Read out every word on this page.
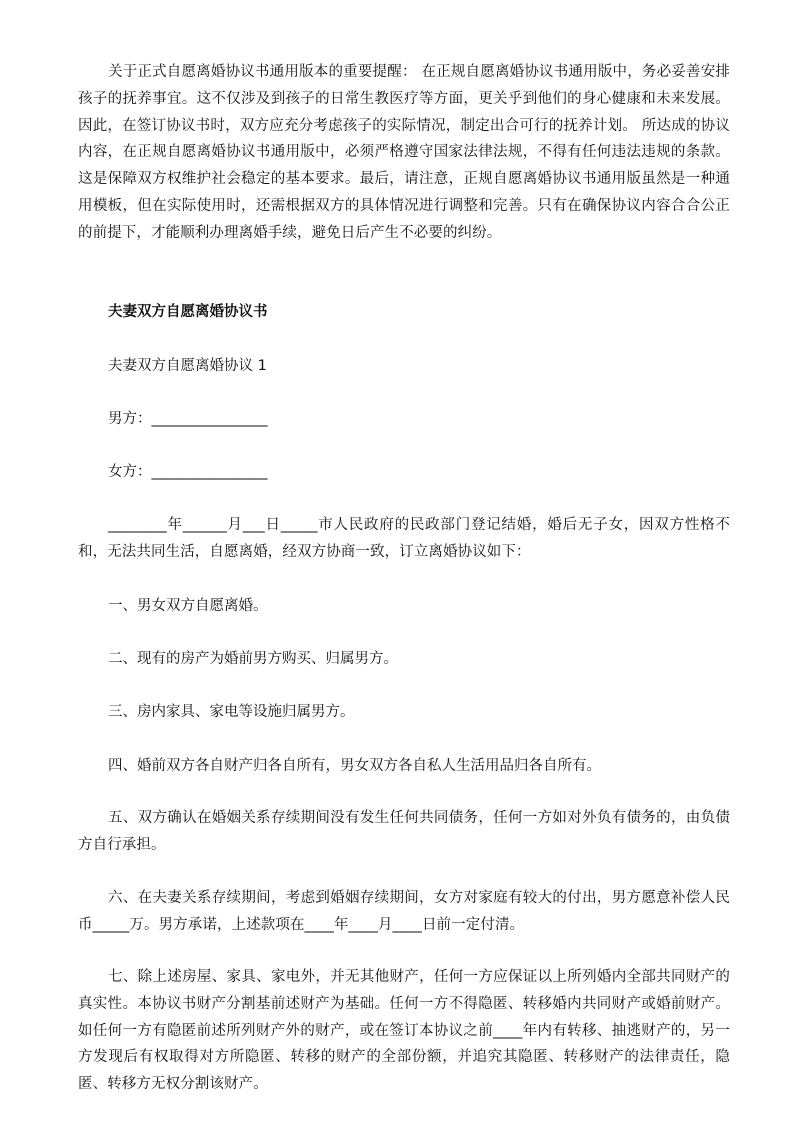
关于正式自愿离婚协议书通用版本的重要提醒： 在正规自愿离婚协议书通用版中，务必妥善安排孩子的抚养事宜。这不仅涉及到孩子的日常生教医疗等方面，更关乎到他们的身心健康和未来发展。因此，在签订协议书时，双方应充分考虑孩子的实际情况，制定出合可行的抚养计划。 所达成的协议内容，在正规自愿离婚协议书通用版中，必须严格遵守国家法律法规，不得有任何违法违规的条款。这是保障双方权维护社会稳定的基本要求。最后，请注意，正规自愿离婚协议书通用版虽然是一种通用模板，但在实际使用时，还需根据双方的具体情况进行调整和完善。只有在确保协议内容合合公正的前提下，才能顺利办理离婚手续，避免日后产生不必要的纠纷。

夫妻双方自愿离婚协议书

夫妻双方自愿离婚协议 1

男方：________________

女方：________________

________年______月___日_____市人民政府的民政部门登记结婚，婚后无子女，因双方性格不和，无法共同生活，自愿离婚，经双方协商一致，订立离婚协议如下：

一、男女双方自愿离婚。

二、现有的房产为婚前男方购买、归属男方。

三、房内家具、家电等设施归属男方。

四、婚前双方各自财产归各自所有，男女双方各自私人生活用品归各自所有。

五、双方确认在婚姻关系存续期间没有发生任何共同债务，任何一方如对外负有债务的，由负债方自行承担。

六、在夫妻关系存续期间，考虑到婚姻存续期间，女方对家庭有较大的付出，男方愿意补偿人民币_____万。男方承诺，上述款项在____年____月____日前一定付清。

七、除上述房屋、家具、家电外，并无其他财产，任何一方应保证以上所列婚内全部共同财产的真实性。本协议书财产分割基前述财产为基础。任何一方不得隐匿、转移婚内共同财产或婚前财产。如任何一方有隐匿前述所列财产外的财产，或在签订本协议之前____年内有转移、抽逃财产的，另一方发现后有权取得对方所隐匿、转移的财产的全部份额，并追究其隐匿、转移财产的法律责任，隐匿、转移方无权分割该财产。
